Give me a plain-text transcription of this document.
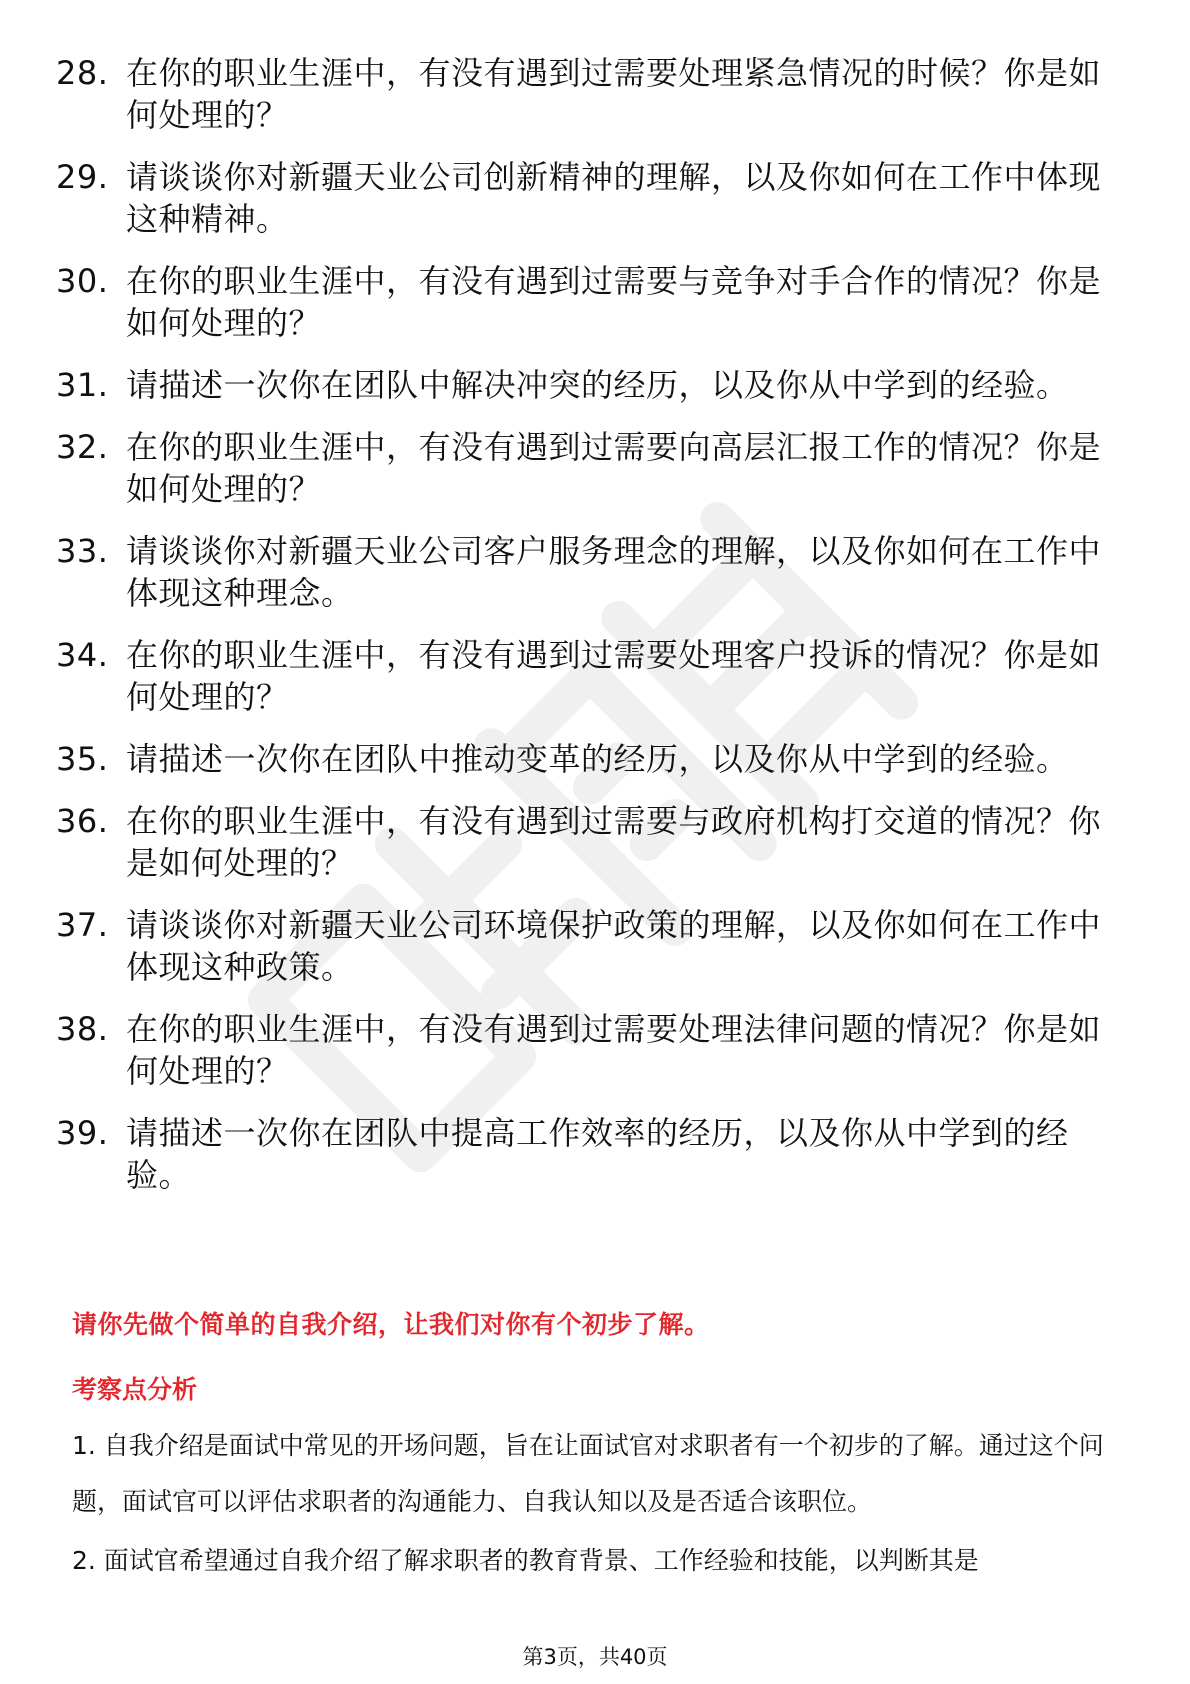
28. 在你的职业生涯中，有没有遇到过需要处理紧急情况的时候？你是如何处理的？
29. 请谈谈你对新疆天业公司创新精神的理解，以及你如何在工作中体现这种精神。
30. 在你的职业生涯中，有没有遇到过需要与竞争对手合作的情况？你是如何处理的？
31. 请描述一次你在团队中解决冲突的经历，以及你从中学到的经验。
32. 在你的职业生涯中，有没有遇到过需要向高层汇报工作的情况？你是如何处理的？
33. 请谈谈你对新疆天业公司客户服务理念的理解，以及你如何在工作中体现这种理念。
34. 在你的职业生涯中，有没有遇到过需要处理客户投诉的情况？你是如何处理的？
35. 请描述一次你在团队中推动变革的经历，以及你从中学到的经验。
36. 在你的职业生涯中，有没有遇到过需要与政府机构打交道的情况？你是如何处理的？
37. 请谈谈你对新疆天业公司环境保护政策的理解，以及你如何在工作中体现这种政策。
38. 在你的职业生涯中，有没有遇到过需要处理法律问题的情况？你是如何处理的？
39. 请描述一次你在团队中提高工作效率的经历，以及你从中学到的经验。
请你先做个简单的自我介绍，让我们对你有个初步了解。
考察点分析

1. 自我介绍是面试中常见的开场问题，旨在让面试官对求职者有一个初步的了解。通过这个问题，面试官可以评估求职者的沟通能力、自我认知以及是否适合该职位。

2. 面试官希望通过自我介绍了解求职者的教育背景、工作经验和技能，以判断其是

第3页，共40页
